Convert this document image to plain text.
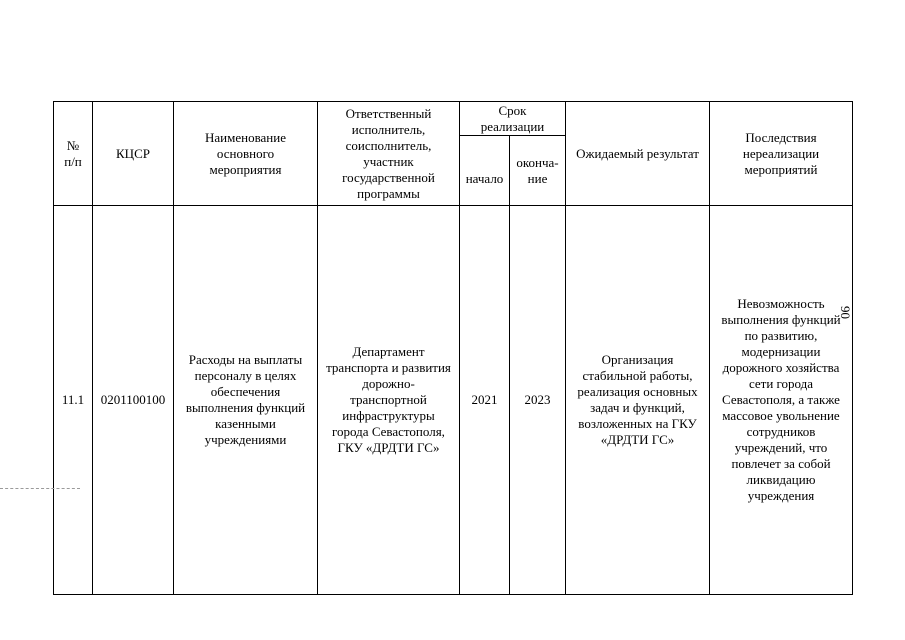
№
п/п
КЦСР
Наименование
основного
мероприятия
Ответственный
исполнитель,
соисполнитель,
участник
государственной
программы
Срок
реализации
начало
оконча-
ние
Ожидаемый результат
Последствия
нереализации
мероприятий
11.1	0201100100
Расходы на выплаты
персоналу в целях
обеспечения
выполнения функций
казенными
учреждениями
Департамент
транспорта и развития
дорожно-
транспортной
инфраструктуры
города Севастополя,
ГКУ «ДРДТИ ГС»
2021	2023
Организация
стабильной работы,
реализация основных
задач и функций,
возложенных на ГКУ
«ДРДТИ ГС»
Невозможность
выполнения функций
по развитию,
модернизации
дорожного хозяйства
сети города
Севастополя, а также
массовое увольнение
сотрудников
учреждений, что
повлечет за собой
ликвидацию
учреждения
90
